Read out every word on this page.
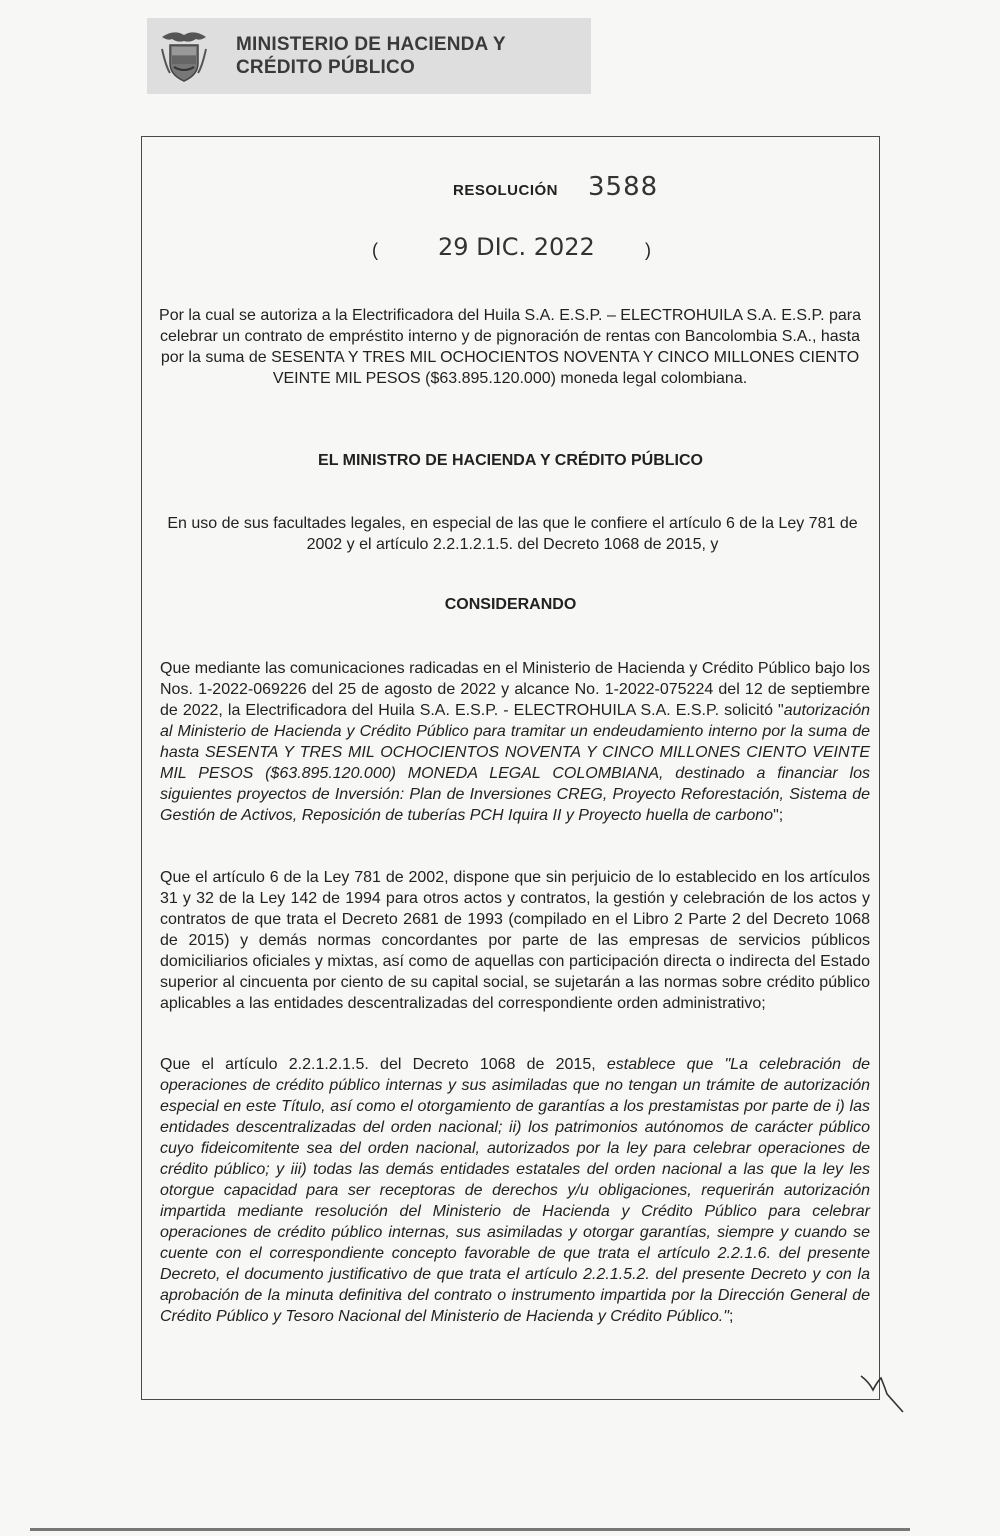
MINISTERIO DE HACIENDA Y
CRÉDITO PÚBLICO
RESOLUCIÓN 3588
(	29 DIC. 2022	)
Por la cual se autoriza a la Electrificadora del Huila S.A. E.S.P. – ELECTROHUILA S.A. E.S.P. para celebrar un contrato de empréstito interno y de pignoración de rentas con Bancolombia S.A., hasta por la suma de SESENTA Y TRES MIL OCHOCIENTOS NOVENTA Y CINCO MILLONES CIENTO VEINTE MIL PESOS ($63.895.120.000) moneda legal colombiana.
EL MINISTRO DE HACIENDA Y CRÉDITO PÚBLICO
En uso de sus facultades legales, en especial de las que le confiere el artículo 6 de la Ley 781 de 2002 y el artículo 2.2.1.2.1.5. del Decreto 1068 de 2015, y
CONSIDERANDO
Que mediante las comunicaciones radicadas en el Ministerio de Hacienda y Crédito Público bajo los Nos. 1-2022-069226 del 25 de agosto de 2022 y alcance No. 1-2022-075224 del 12 de septiembre de 2022, la Electrificadora del Huila S.A. E.S.P. - ELECTROHUILA S.A. E.S.P. solicitó "autorización al Ministerio de Hacienda y Crédito Público para tramitar un endeudamiento interno por la suma de hasta SESENTA Y TRES MIL OCHOCIENTOS NOVENTA Y CINCO MILLONES CIENTO VEINTE MIL PESOS ($63.895.120.000) MONEDA LEGAL COLOMBIANA, destinado a financiar los siguientes proyectos de Inversión: Plan de Inversiones CREG, Proyecto Reforestación, Sistema de Gestión de Activos, Reposición de tuberías PCH Iquira II y Proyecto huella de carbono";
Que el artículo 6 de la Ley 781 de 2002, dispone que sin perjuicio de lo establecido en los artículos 31 y 32 de la Ley 142 de 1994 para otros actos y contratos, la gestión y celebración de los actos y contratos de que trata el Decreto 2681 de 1993 (compilado en el Libro 2 Parte 2 del Decreto 1068 de 2015) y demás normas concordantes por parte de las empresas de servicios públicos domiciliarios oficiales y mixtas, así como de aquellas con participación directa o indirecta del Estado superior al cincuenta por ciento de su capital social, se sujetarán a las normas sobre crédito público aplicables a las entidades descentralizadas del correspondiente orden administrativo;
Que el artículo 2.2.1.2.1.5. del Decreto 1068 de 2015, establece que "La celebración de operaciones de crédito público internas y sus asimiladas que no tengan un trámite de autorización especial en este Título, así como el otorgamiento de garantías a los prestamistas por parte de i) las entidades descentralizadas del orden nacional; ii) los patrimonios autónomos de carácter público cuyo fideicomitente sea del orden nacional, autorizados por la ley para celebrar operaciones de crédito público; y iii) todas las demás entidades estatales del orden nacional a las que la ley les otorgue capacidad para ser receptoras de derechos y/u obligaciones, requerirán autorización impartida mediante resolución del Ministerio de Hacienda y Crédito Público para celebrar operaciones de crédito público internas, sus asimiladas y otorgar garantías, siempre y cuando se cuente con el correspondiente concepto favorable de que trata el artículo 2.2.1.6. del presente Decreto, el documento justificativo de que trata el artículo 2.2.1.5.2. del presente Decreto y con la aprobación de la minuta definitiva del contrato o instrumento impartida por la Dirección General de Crédito Público y Tesoro Nacional del Ministerio de Hacienda y Crédito Público.";
